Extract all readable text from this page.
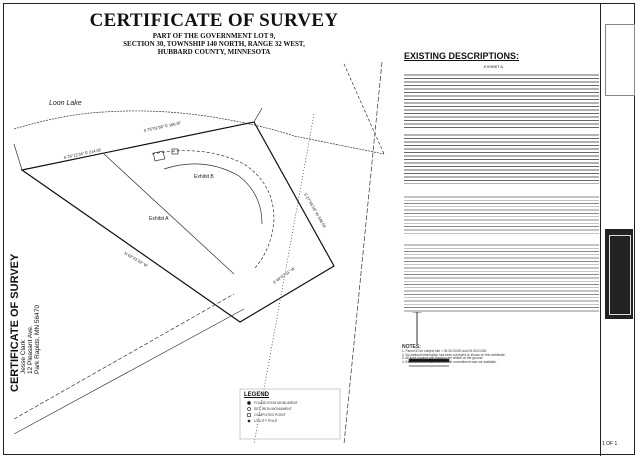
S 76°12'34" E 214.00
S 75°01'58" E 186.97
S 27°05'18" W 348.09
N 62°41'20" W
S 48°07'01" W
CERTIFICATE OF SURVEY
PART OF THE GOVERNMENT LOT 9,
SECTION 30, TOWNSHIP 140 NORTH, RANGE 32 WEST,
HUBBARD COUNTY, MINNESOTA
Loon Lake
Exhibit B
Exhibit A
EXISTING DESCRIPTIONS:
EXHIBIT A
NOTES:
1. Parcel ID for subject site = 05.30.01300 and 05.30.01325
2. No wetland information has been surveyed or shown on this certificate.
3. All lines marked with flagging are visible on the ground.
4. Easement information for the title commitment was not available.
LEGEND
FOUND IRON MONUMENT
SET IRON MONUMENT
COMPUTED POINT
UTILITY POLE
CERTIFICATE OF SURVEY Jesse Clark 12 Pleasant Ave. Park Rapids, MN 56470
1 OF 1
